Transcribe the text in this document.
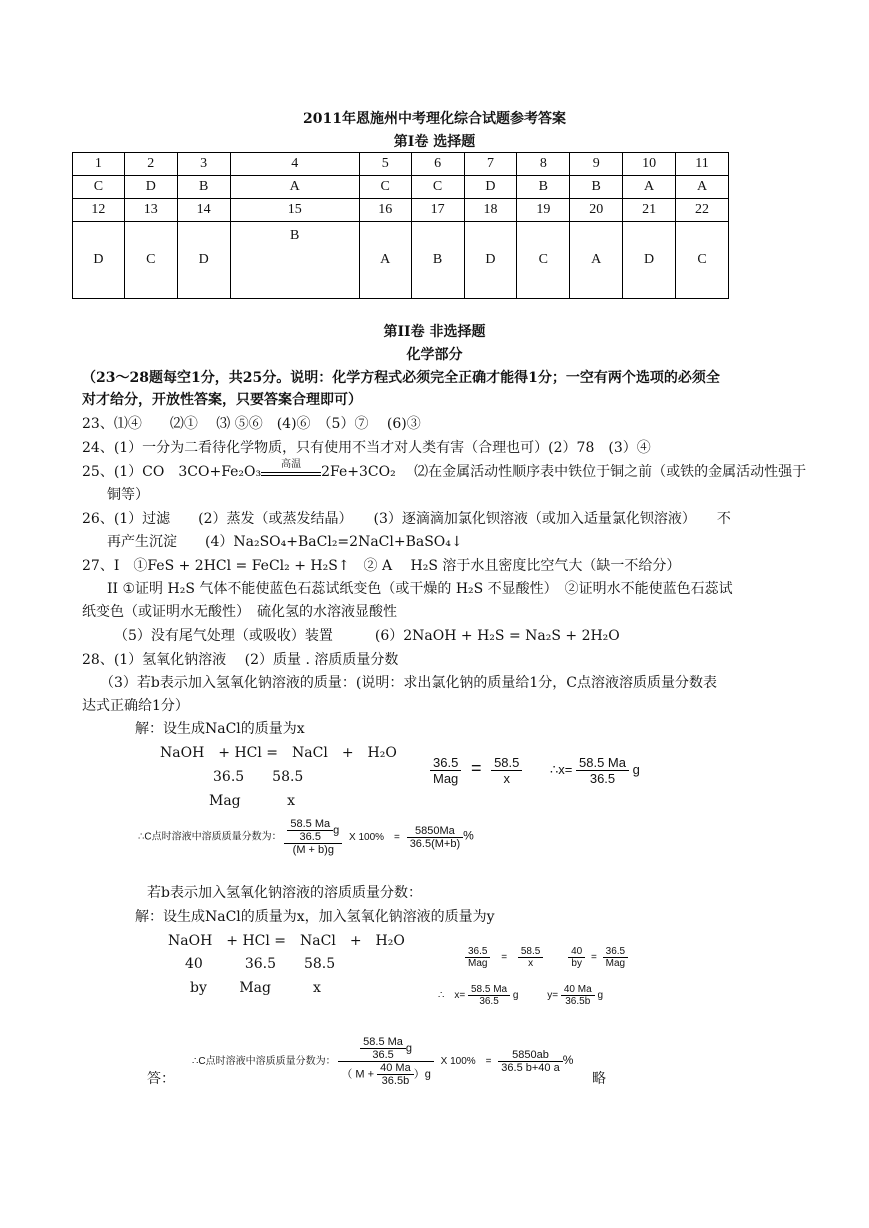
2011年恩施州中考理化综合试题参考答案
第Ⅰ卷 选择题
1	2	3	4	5	6	7	8	9	10	11
C	D	B	A	C	C	D	B	B	A	A
12	13	14	15	16	17	18	19	20	21	22
D	C	D	B	A	B	D	C	A	D	C
第II卷 非选择题
化学部分
（23～28题每空1分，共25分。说明：化学方程式必须完全正确才能得1分；一空有两个选项的必须全
对才给分，开放性答案，只要答案合理即可）
23、⑴④　　⑵①　 ⑶ ⑤⑥　(4)⑥　（5）⑦　 (6)③
24、(1）一分为二看待化学物质，只有使用不当才对人类有害（合理也可）(2）78　(3）④
25、(1）CO　3CO+Fe₂O₃	高温	2Fe+3CO₂　 ⑵在金属活动性顺序表中铁位于铜之前（或铁的金属活动性强于
铜等）
26、(1）过滤　　(2）蒸发（或蒸发结晶）　　(3）逐滴滴加氯化钡溶液（或加入适量氯化钡溶液）　　不
再产生沉淀　　(4）Na₂SO₄+BaCl₂=2NaCl+BaSO₄↓
27、I　①FeS + 2HCl = FeCl₂ + H₂S↑　② A　 H₂S 溶于水且密度比空气大（缺一不给分）
II ①证明 H₂S 气体不能使蓝色石蕊试纸变色（或干燥的 H₂S 不显酸性）　②证明水不能使蓝色石蕊试
纸变色（或证明水无酸性）　硫化氢的水溶液显酸性
（5）没有尾气处理（或吸收）装置　　　(6）2NaOH + H₂S = Na₂S + 2H₂O
28、(1）氢氧化钠溶液　 (2）质量 . 溶质质量分数
（3）若b表示加入氢氧化钠溶液的质量：(说明：求出氯化钠的质量给1分，C点溶液溶质质量分数表
达式正确给1分）
解：设生成NaCl的质量为x
NaOH　+ HCl =　NaCl　+　H₂O
36.5　　58.5
Mag　　　 x
$\frac{36.5}{\text{Mag}} = \frac{58.5}{x}$ ∴x= $\frac{58.5 Ma}{36.5}$ g
∴C点时溶液中溶质质量分数为： $\frac{\frac{58.5 Ma}{36.5} g}{(M + b)g}$ X 100%　= $\frac{5850Ma}{36.5(M+b)}$ %
若b表示加入氢氧化钠溶液的溶质质量分数：
解：设生成NaCl的质量为x，加入氢氧化钠溶液的质量为y
NaOH　+ HCl =　NaCl　+　H₂O
40　　　36.5　　58.5
by　　 Mag　　　x
$\frac{36.5}{\text{Mag}} = \frac{58.5}{x}$
$\frac{40}{by} = \frac{36.5}{\text{Mag}}$
∴　$x= \frac{58.5 Ma}{36.5}$ g	$y= \frac{40 Ma}{36.5b}$ g
答：
∴C点时溶液中溶质质量分数为： $\frac{\frac{58.5 Ma}{36.5} g}{( M + \frac{40 Ma}{36.5b} )g}$ X 100%　= $\frac{5850ab}{36.5 b+40 a}$ %
略
